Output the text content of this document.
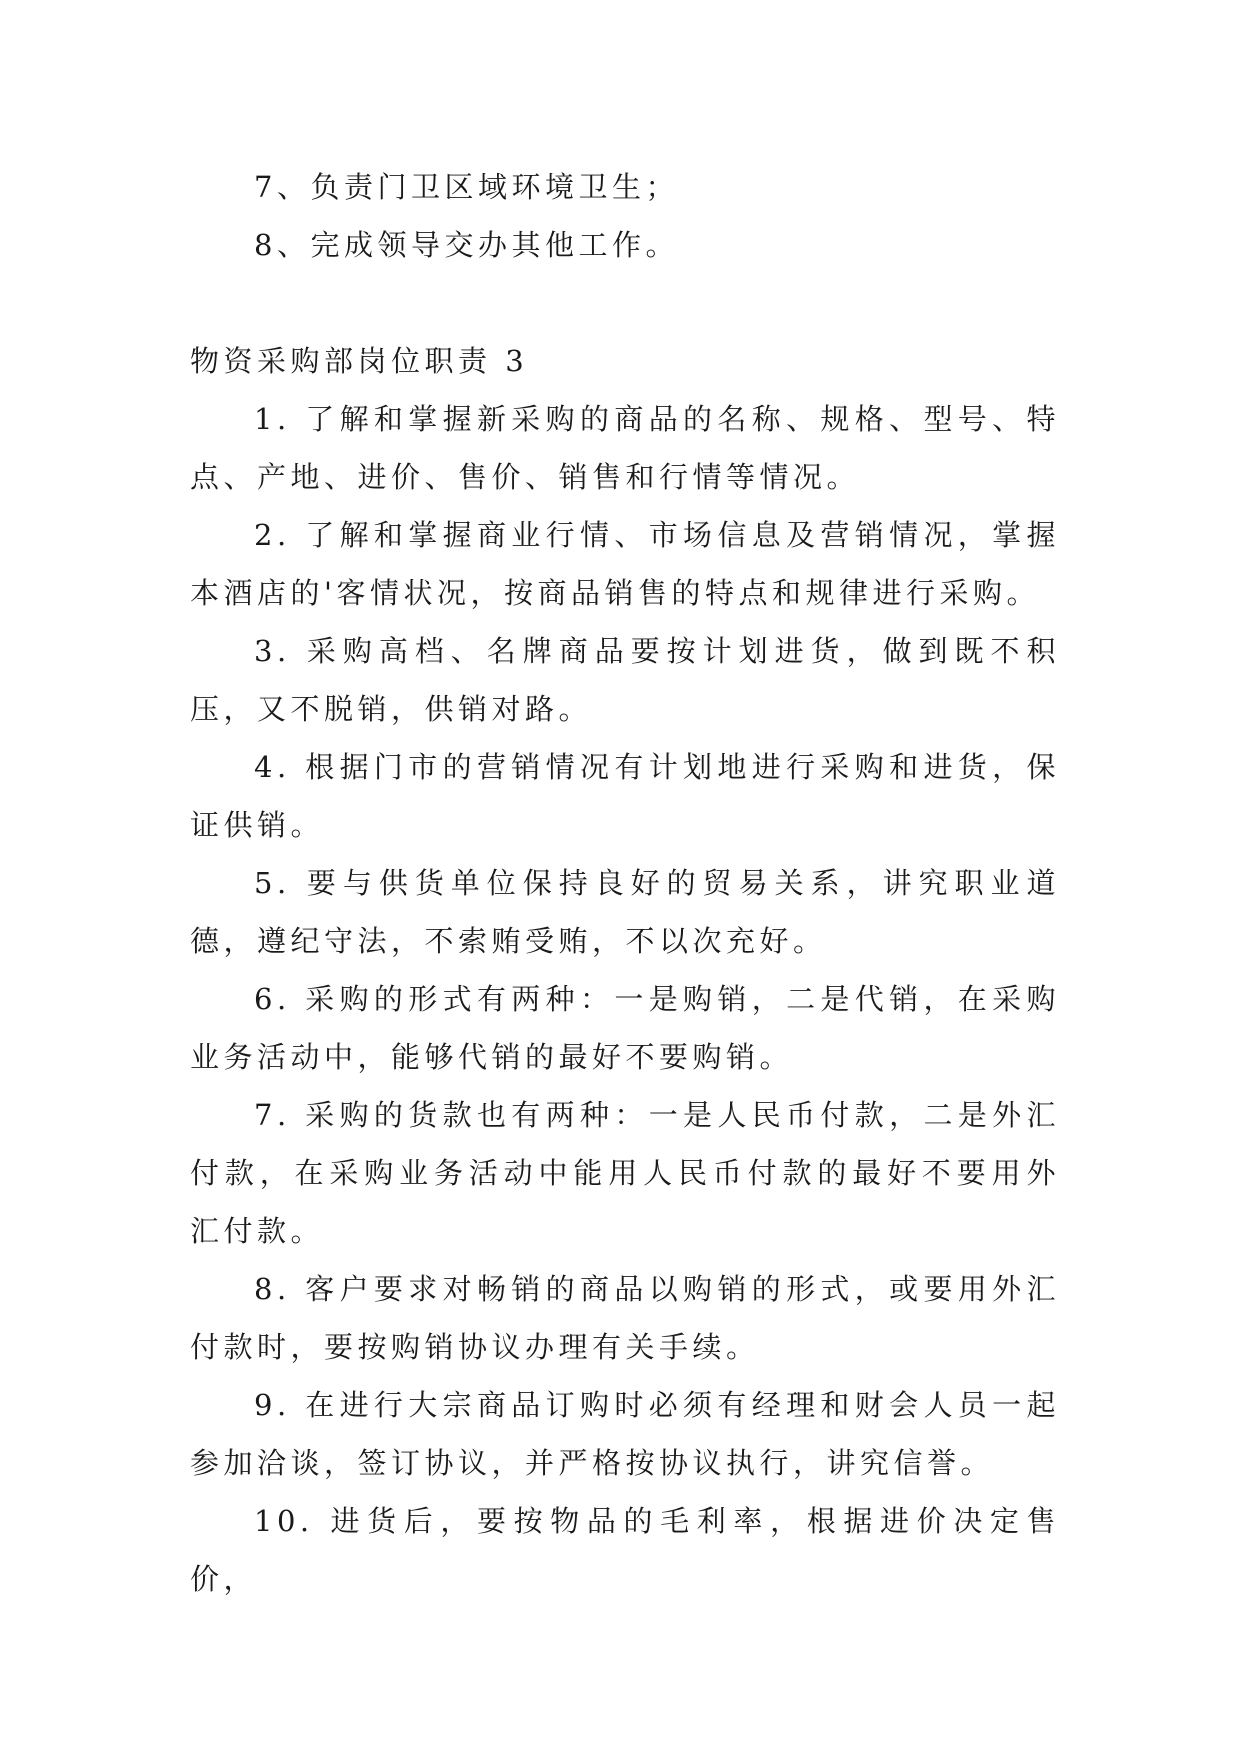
7、负责门卫区域环境卫生；

8、完成领导交办其他工作。

物资采购部岗位职责 3

1. 了解和掌握新采购的商品的名称、规格、型号、特点、产地、进价、售价、销售和行情等情况。

2. 了解和掌握商业行情、市场信息及营销情况，掌握本酒店的'客情状况，按商品销售的特点和规律进行采购。

3. 采购高档、名牌商品要按计划进货，做到既不积压，又不脱销，供销对路。

4. 根据门市的营销情况有计划地进行采购和进货，保证供销。

5. 要与供货单位保持良好的贸易关系，讲究职业道德，遵纪守法，不索贿受贿，不以次充好。

6. 采购的形式有两种：一是购销，二是代销，在采购业务活动中，能够代销的最好不要购销。

7. 采购的货款也有两种：一是人民币付款，二是外汇付款，在采购业务活动中能用人民币付款的最好不要用外汇付款。

8. 客户要求对畅销的商品以购销的形式，或要用外汇付款时，要按购销协议办理有关手续。

9. 在进行大宗商品订购时必须有经理和财会人员一起参加洽谈，签订协议，并严格按协议执行，讲究信誉。

10. 进货后，要按物品的毛利率，根据进价决定售价，
